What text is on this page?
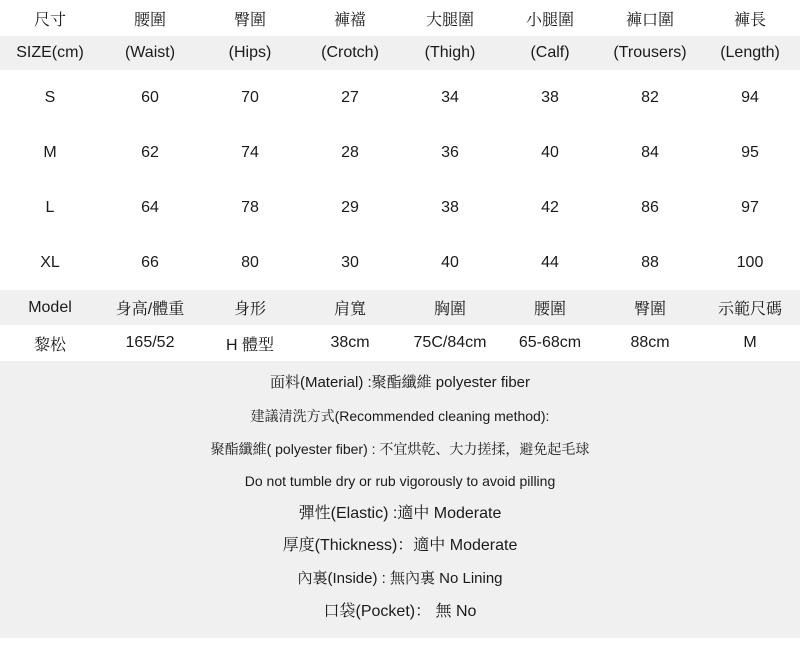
尺寸	腰圍	臀圍	褲襠	大腿圍	小腿圍	褲口圍	褲長
SIZE(cm)	(Waist)	(Hips)	(Crotch)	(Thigh)	(Calf)	(Trousers)	(Length)
S	60	70	27	34	38	82	94
M	62	74	28	36	40	84	95
L	64	78	29	38	42	86	97
XL	66	80	30	40	44	88	100
Model	身高/體重	身形	肩寬	胸圍	腰圍	臀圍	示範尺碼
黎松	165/52	H 體型	38cm	75C/84cm	65-68cm	88cm	M
面料(Material) :聚酯纖維 polyester fiber
建議清洗方式(Recommended cleaning method):
聚酯纖維( polyester fiber) : 不宜烘乾、大力搓揉，避免起毛球
Do not tumble dry or rub vigorously to avoid pilling
彈性(Elastic) :適中 Moderate
厚度(Thickness)：適中 Moderate
內裏(Inside) : 無內裏 No Lining
口袋(Pocket)： 無 No
